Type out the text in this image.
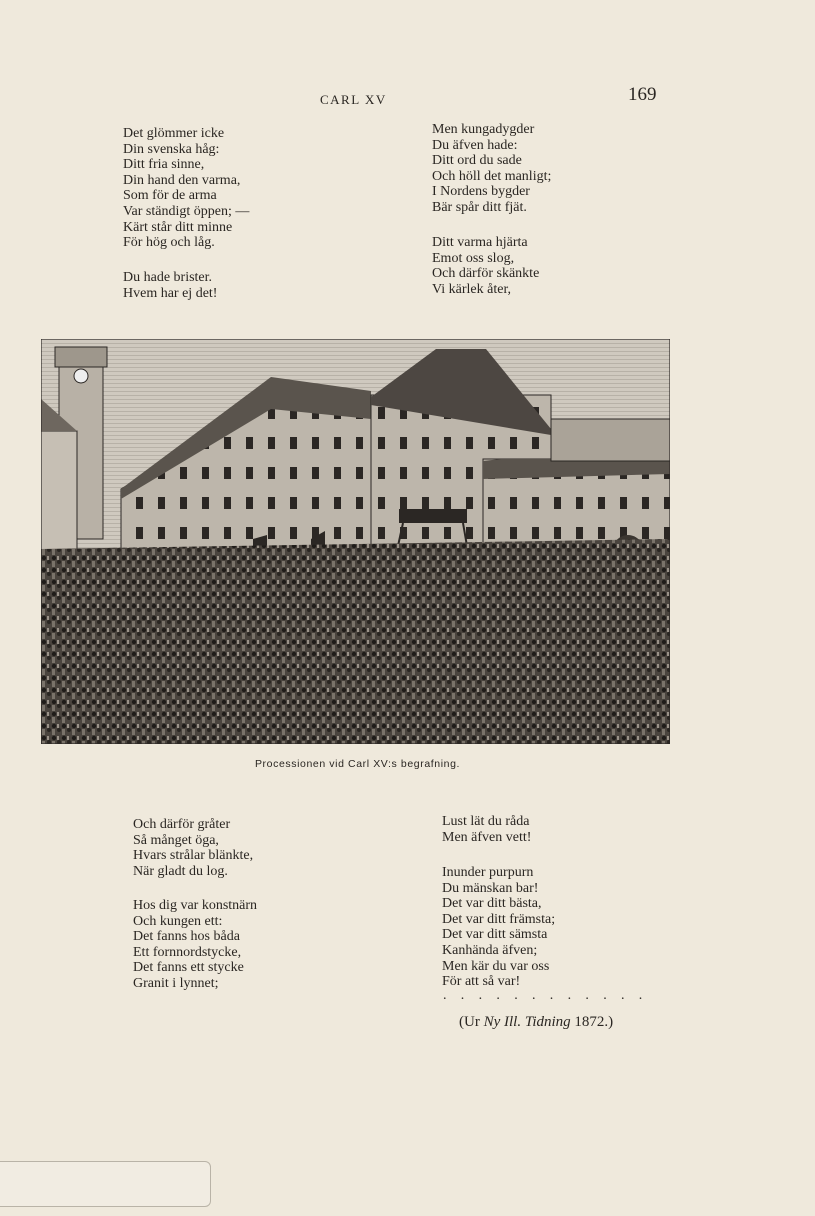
CARL XV	169
Det glömmer icke
Din svenska håg:
Ditt fria sinne,
Din hand den varma,
Som för de arma
Var ständigt öppen; —
Kärt står ditt minne
För hög och låg.
Du hade brister.
Hvem har ej det!
Men kungadygder
Du äfven hade:
Ditt ord du sade
Och höll det manligt;
I Nordens bygder
Bär spår ditt fjät.
Ditt varma hjärta
Emot oss slog,
Och därför skänkte
Vi kärlek åter,
Processionen vid Carl XV:s begrafning.
Och därför gråter
Så månget öga,
Hvars strålar blänkte,
När gladt du log.
Hos dig var konstnärn
Och kungen ett:
Det fanns hos båda
Ett fornnordstycke,
Det fanns ett stycke
Granit i lynnet;
Lust lät du råda
Men äfven vett!
Inunder purpurn
Du mänskan bar!
Det var ditt bästa,
Det var ditt främsta;
Det var ditt sämsta
Kanhända äfven;
Men kär du var oss
För att så var!
. . . . . . . . . . . .
(Ur Ny Ill. Tidning 1872.)
